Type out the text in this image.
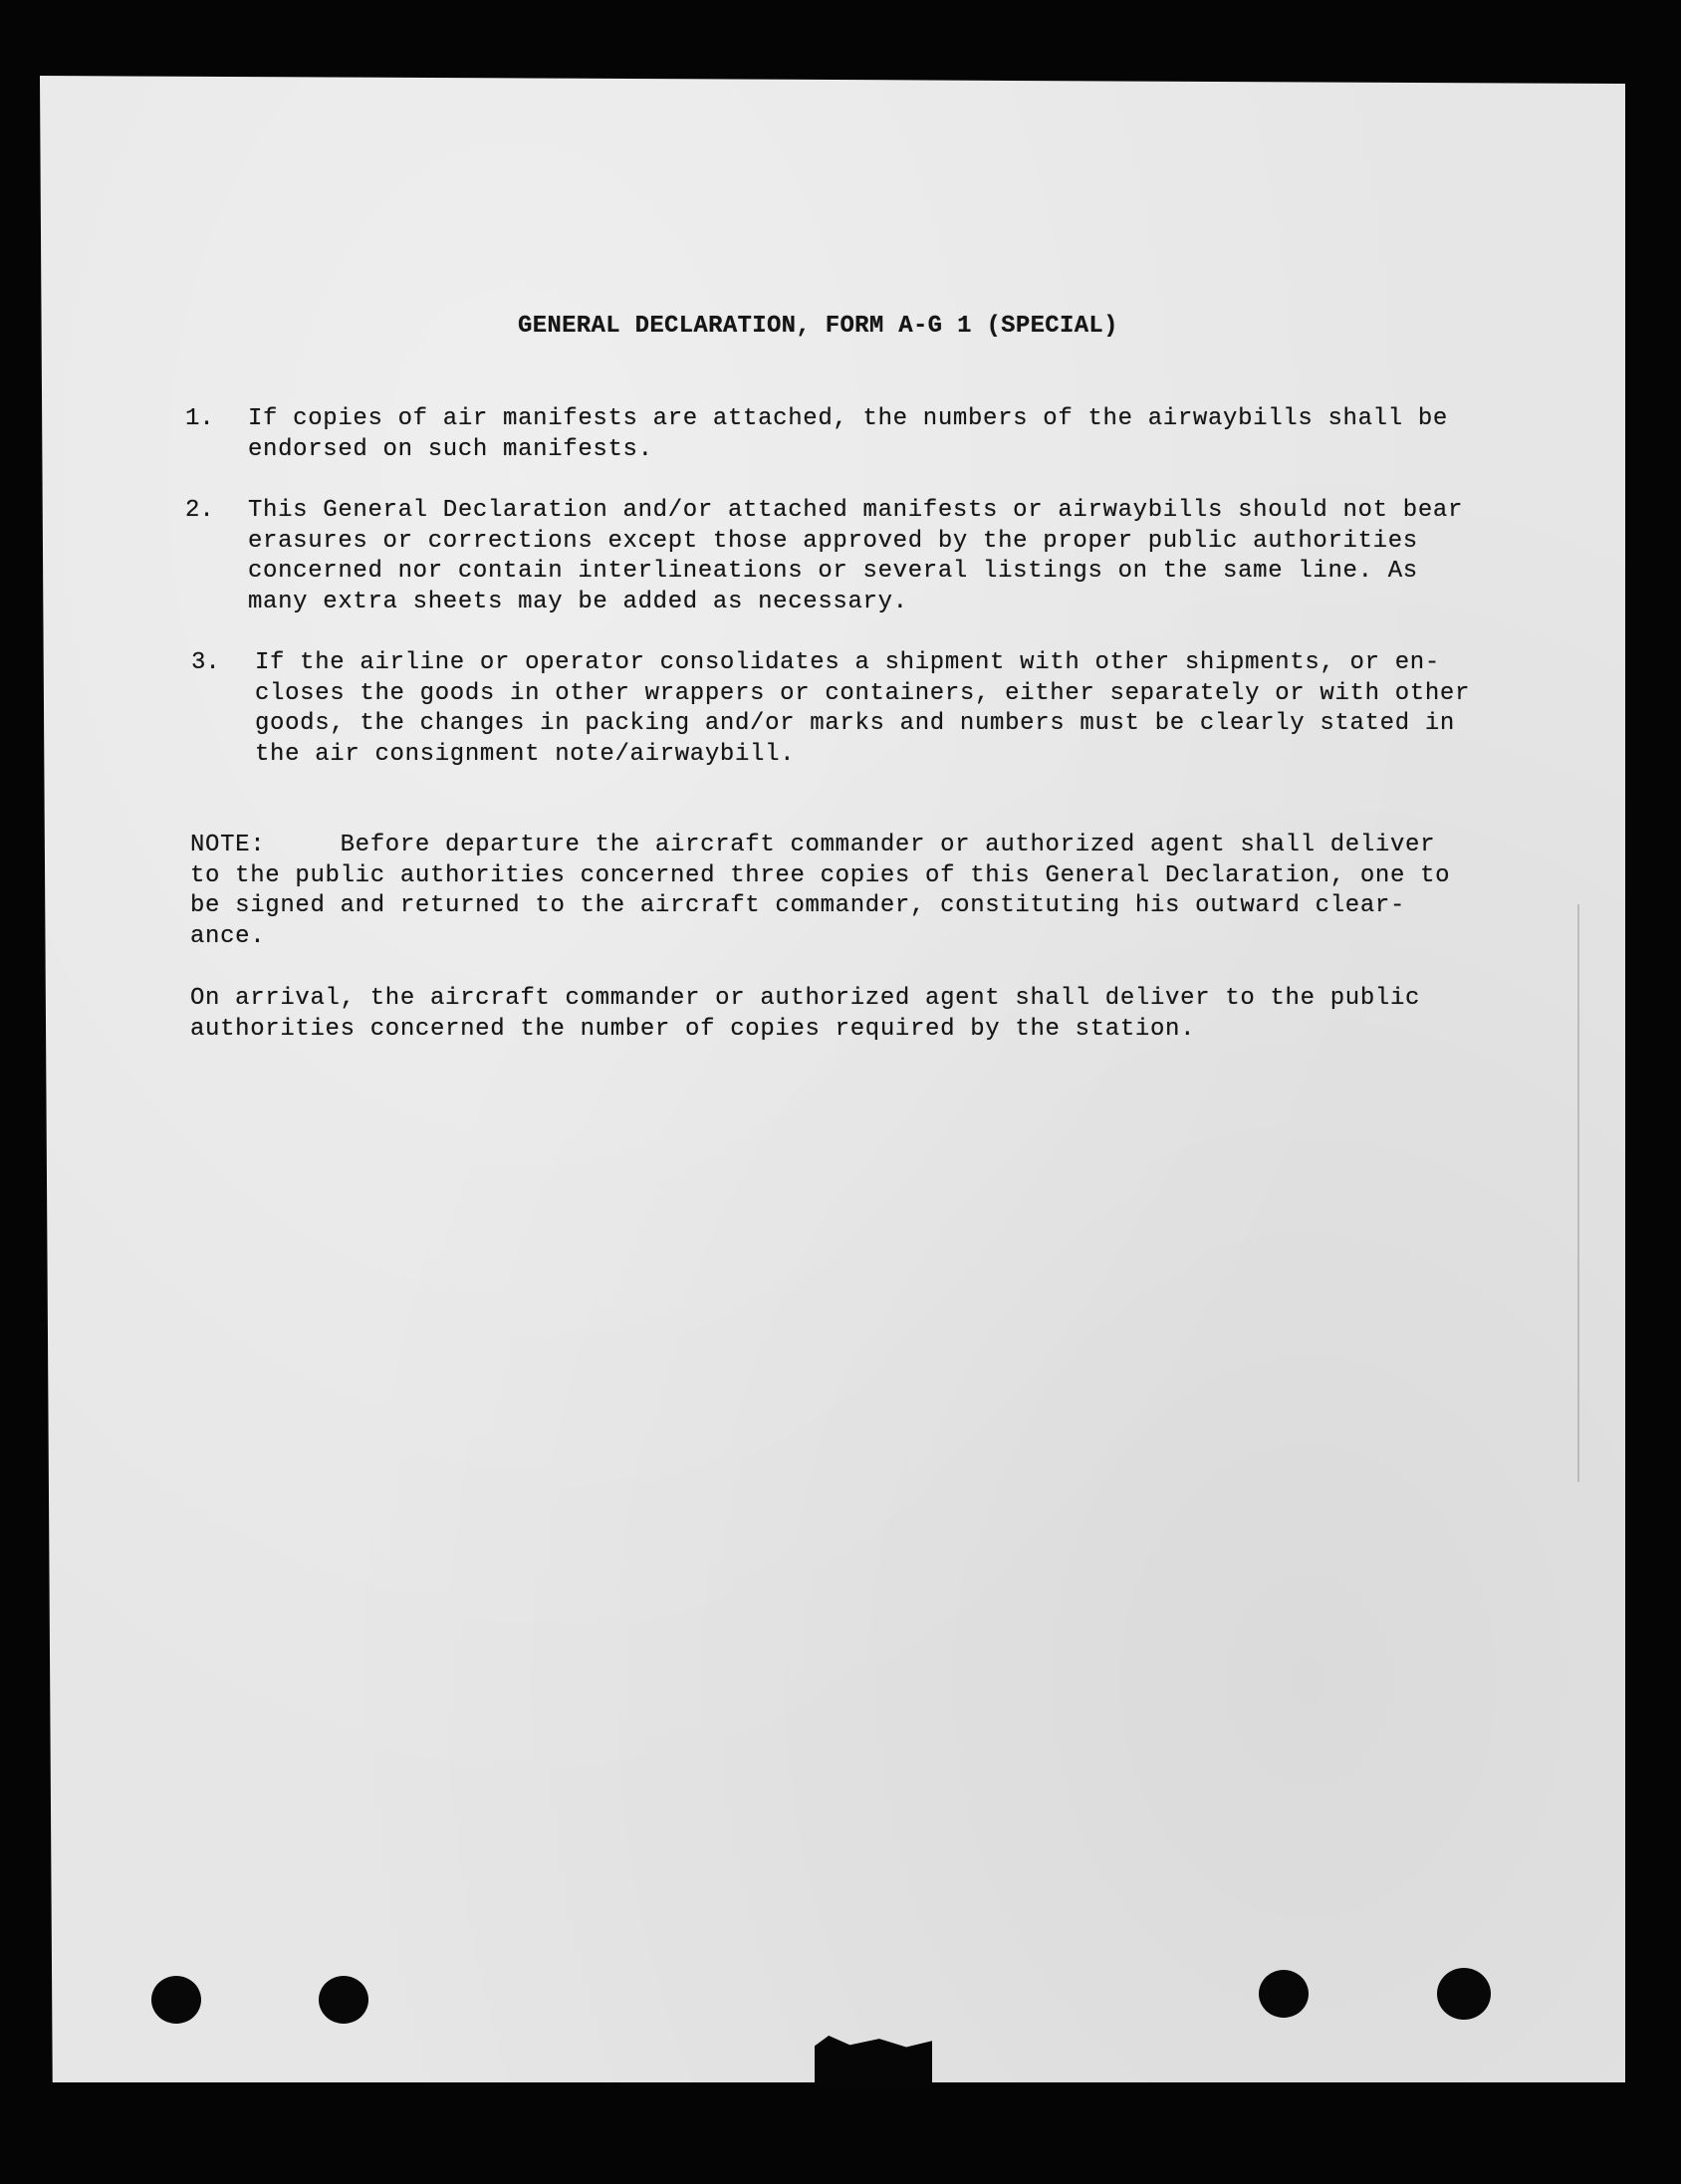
GENERAL DECLARATION, FORM A-G 1 (SPECIAL)
1. If copies of air manifests are attached, the numbers of the airwaybills shall be
endorsed on such manifests.
2. This General Declaration and/or attached manifests or airwaybills should not bear
erasures or corrections except those approved by the proper public authorities
concerned nor contain interlineations or several listings on the same line. As
many extra sheets may be added as necessary.
3. If the airline or operator consolidates a shipment with other shipments, or en-
closes the goods in other wrappers or containers, either separately or with other
goods, the changes in packing and/or marks and numbers must be clearly stated in
the air consignment note/airwaybill.
NOTE:     Before departure the aircraft commander or authorized agent shall deliver
to the public authorities concerned three copies of this General Declaration, one to
be signed and returned to the aircraft commander, constituting his outward clear-
ance.
On arrival, the aircraft commander or authorized agent shall deliver to the public
authorities concerned the number of copies required by the station.
